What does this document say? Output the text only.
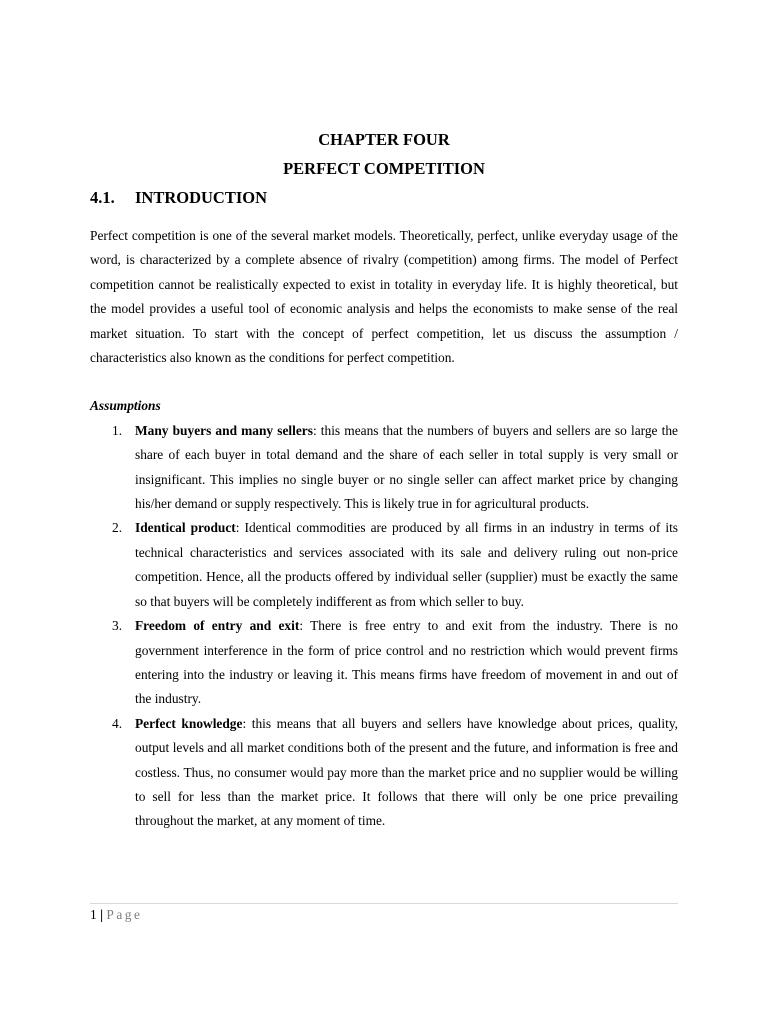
CHAPTER FOUR

PERFECT COMPETITION

4.1.	INTRODUCTION

Perfect competition is one of the several market models. Theoretically, perfect, unlike everyday usage of the word, is characterized by a complete absence of rivalry (competition) among firms. The model of Perfect competition cannot be realistically expected to exist in totality in everyday life. It is highly theoretical, but the model provides a useful tool of economic analysis and helps the economists to make sense of the real market situation. To start with the concept of perfect competition, let us discuss the assumption / characteristics also known as the conditions for perfect competition.

Assumptions

1. Many buyers and many sellers: this means that the numbers of buyers and sellers are so large the share of each buyer in total demand and the share of each seller in total supply is very small or insignificant. This implies no single buyer or no single seller can affect market price by changing his/her demand or supply respectively. This is likely true in for agricultural products.
2. Identical product: Identical commodities are produced by all firms in an industry in terms of its technical characteristics and services associated with its sale and delivery ruling out non-price competition. Hence, all the products offered by individual seller (supplier) must be exactly the same so that buyers will be completely indifferent as from which seller to buy.
3. Freedom of entry and exit: There is free entry to and exit from the industry. There is no government interference in the form of price control and no restriction which would prevent firms entering into the industry or leaving it. This means firms have freedom of movement in and out of the industry.
4. Perfect knowledge: this means that all buyers and sellers have knowledge about prices, quality, output levels and all market conditions both of the present and the future, and information is free and costless. Thus, no consumer would pay more than the market price and no supplier would be willing to sell for less than the market price. It follows that there will only be one price prevailing throughout the market, at any moment of time.
1 | Page
